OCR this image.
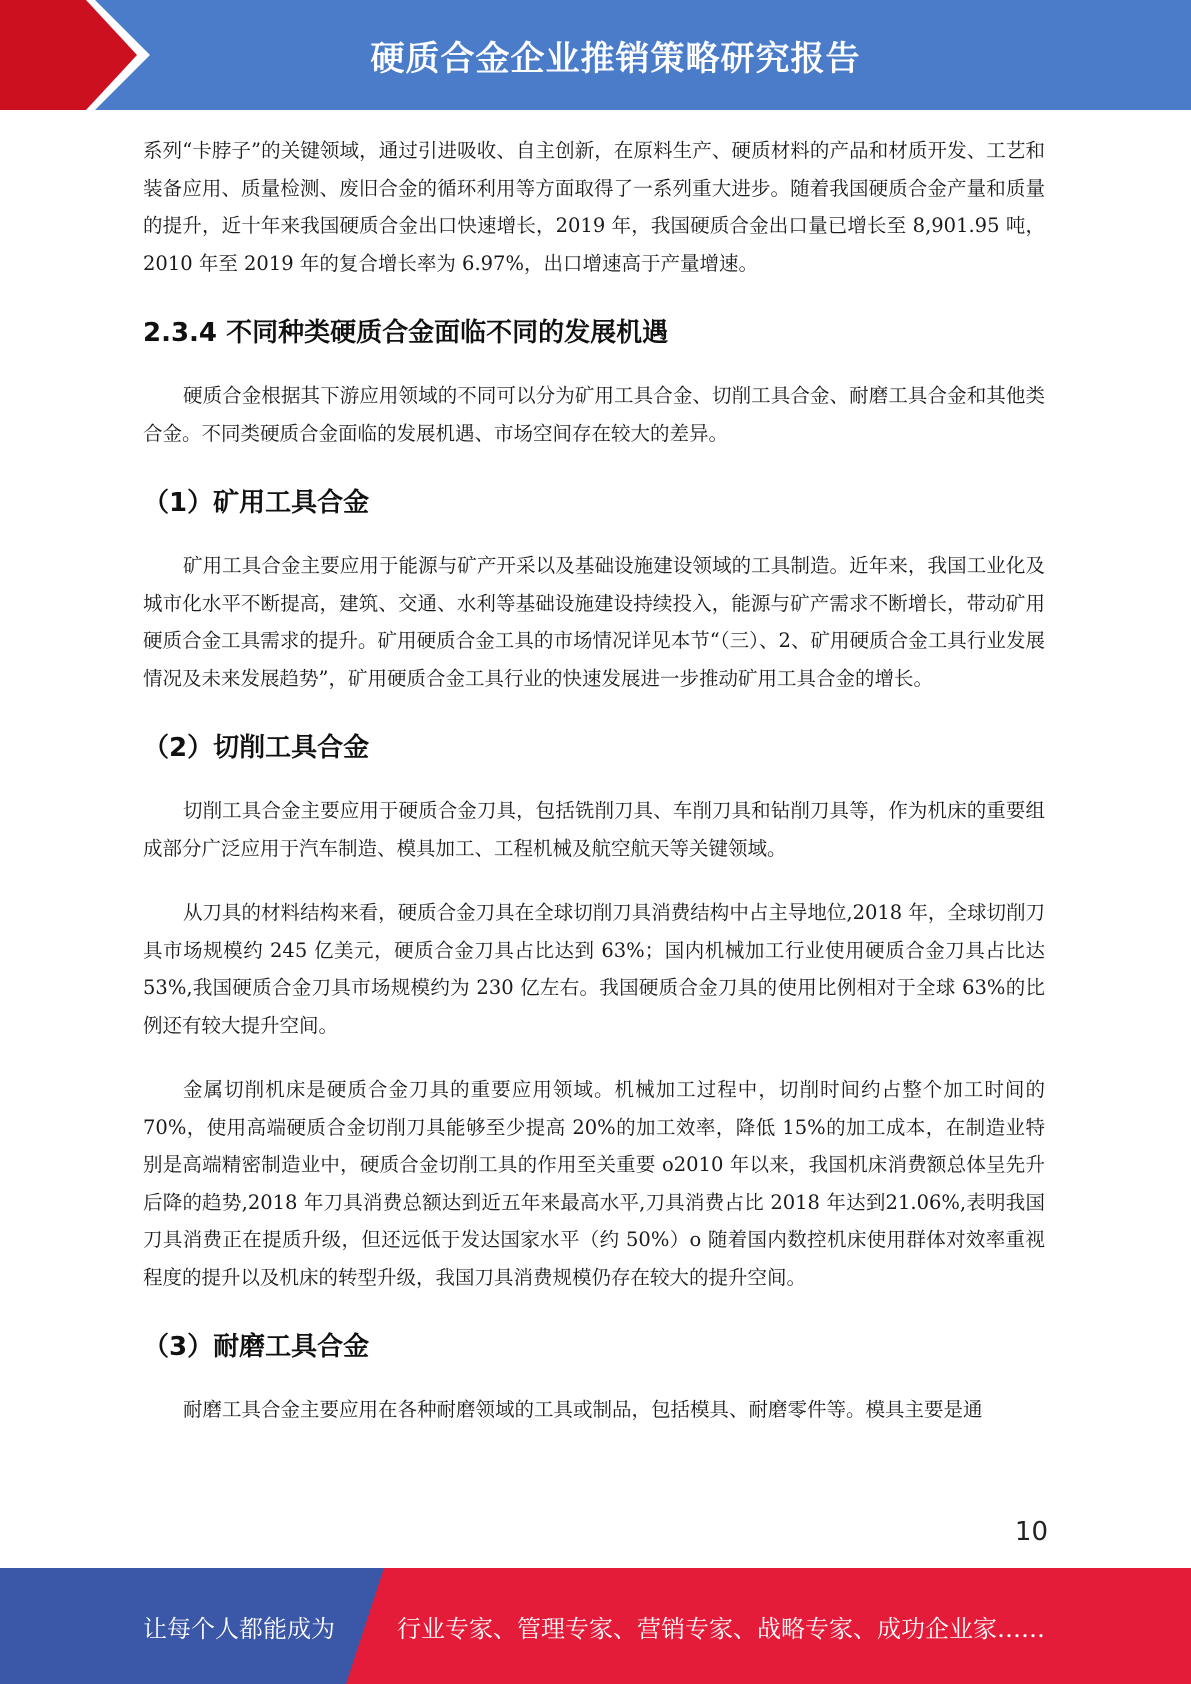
硬质合金企业推销策略研究报告

系列“卡脖子”的关键领域，通过引进吸收、自主创新，在原料生产、硬质材料的产品和材质开发、工艺和装备应用、质量检测、废旧合金的循环利用等方面取得了一系列重大进步。随着我国硬质合金产量和质量的提升，近十年来我国硬质合金出口快速增长，2019 年，我国硬质合金出口量已增长至 8,901.95 吨，2010 年至 2019 年的复合增长率为 6.97%，出口增速高于产量增速。

2.3.4 不同种类硬质合金面临不同的发展机遇

硬质合金根据其下游应用领域的不同可以分为矿用工具合金、切削工具合金、耐磨工具合金和其他类合金。不同类硬质合金面临的发展机遇、市场空间存在较大的差异。

（1）矿用工具合金

矿用工具合金主要应用于能源与矿产开采以及基础设施建设领域的工具制造。近年来，我国工业化及城市化水平不断提高，建筑、交通、水利等基础设施建设持续投入，能源与矿产需求不断增长，带动矿用硬质合金工具需求的提升。矿用硬质合金工具的市场情况详见本节“（三）、2、矿用硬质合金工具行业发展情况及未来发展趋势”，矿用硬质合金工具行业的快速发展进一步推动矿用工具合金的增长。

（2）切削工具合金

切削工具合金主要应用于硬质合金刀具，包括铣削刀具、车削刀具和钻削刀具等，作为机床的重要组成部分广泛应用于汽车制造、模具加工、工程机械及航空航天等关键领域。

从刀具的材料结构来看，硬质合金刀具在全球切削刀具消费结构中占主导地位,2018 年，全球切削刀具市场规模约 245 亿美元，硬质合金刀具占比达到 63%；国内机械加工行业使用硬质合金刀具占比达 53%,我国硬质合金刀具市场规模约为 230 亿左右。我国硬质合金刀具的使用比例相对于全球 63%的比例还有较大提升空间。

金属切削机床是硬质合金刀具的重要应用领域。机械加工过程中，切削时间约占整个加工时间的 70%，使用高端硬质合金切削刀具能够至少提高 20%的加工效率，降低 15%的加工成本，在制造业特别是高端精密制造业中，硬质合金切削工具的作用至关重要 o2010 年以来，我国机床消费额总体呈先升后降的趋势,2018 年刀具消费总额达到近五年来最高水平,刀具消费占比 2018 年达到21.06%,表明我国刀具消费正在提质升级，但还远低于发达国家水平（约 50%）o 随着国内数控机床使用群体对效率重视程度的提升以及机床的转型升级，我国刀具消费规模仍存在较大的提升空间。

（3）耐磨工具合金

耐磨工具合金主要应用在各种耐磨领域的工具或制品，包括模具、耐磨零件等。模具主要是通

10
让每个人都能成为	行业专家、管理专家、营销专家、战略专家、成功企业家……
